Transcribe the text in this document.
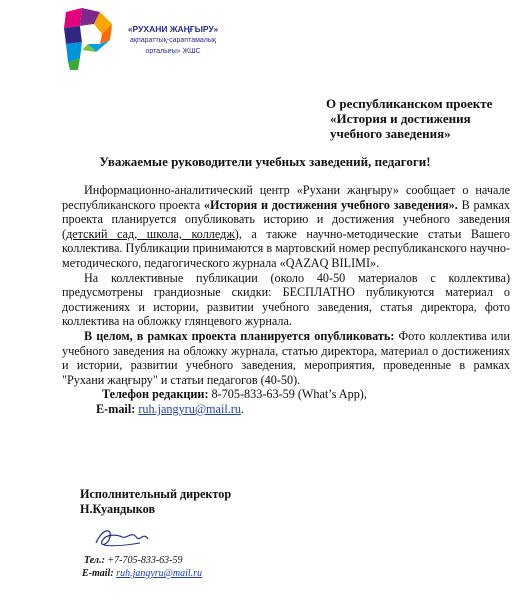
«РУХАНИ ЖАҢҒЫРУ»
ақпараттық-сараптамалық
орталығы» ЖШС
О республиканском проекте
«История и достижения
учебного заведения»
Уважаемые руководители учебных заведений, педагоги!

Информационно-аналитический центр «Рухани жаңғыру» сообщает о начале республиканского проекта «История и достижения учебного заведения». В рамках проекта планируется опубликовать историю и достижения учебного заведения (детский сад, школа, колледж), а также научно-методические статьи Вашего коллектива. Публикации принимаются в мартовский номер республиканского научно-методического, педагогического журнала «QAZAQ BILIMI».

На коллективные публикации (около 40-50 материалов с коллектива) предусмотрены грандиозные скидки: БЕСПЛАТНО публикуются материал о достижениях и истории, развитии учебного заведения, статья директора, фото коллектива на обложку глянцевого журнала.

В целом, в рамках проекта планируется опубликовать: Фото коллектива или учебного заведения на обложку журнала, статью директора, материал о достижениях и истории, развитии учебного заведения, мероприятия, проведенные в рамках "Рухани жаңғыру" и статьи педагогов (40-50).

Телефон редакции: 8-705-833-63-59 (What’s App),
E-mail: ruh.jangyru@mail.ru.

Исполнительный директор
Н.Куандыков
Тел.: +7-705-833-63-59
E-mail: ruh.jangyru@mail.ru
